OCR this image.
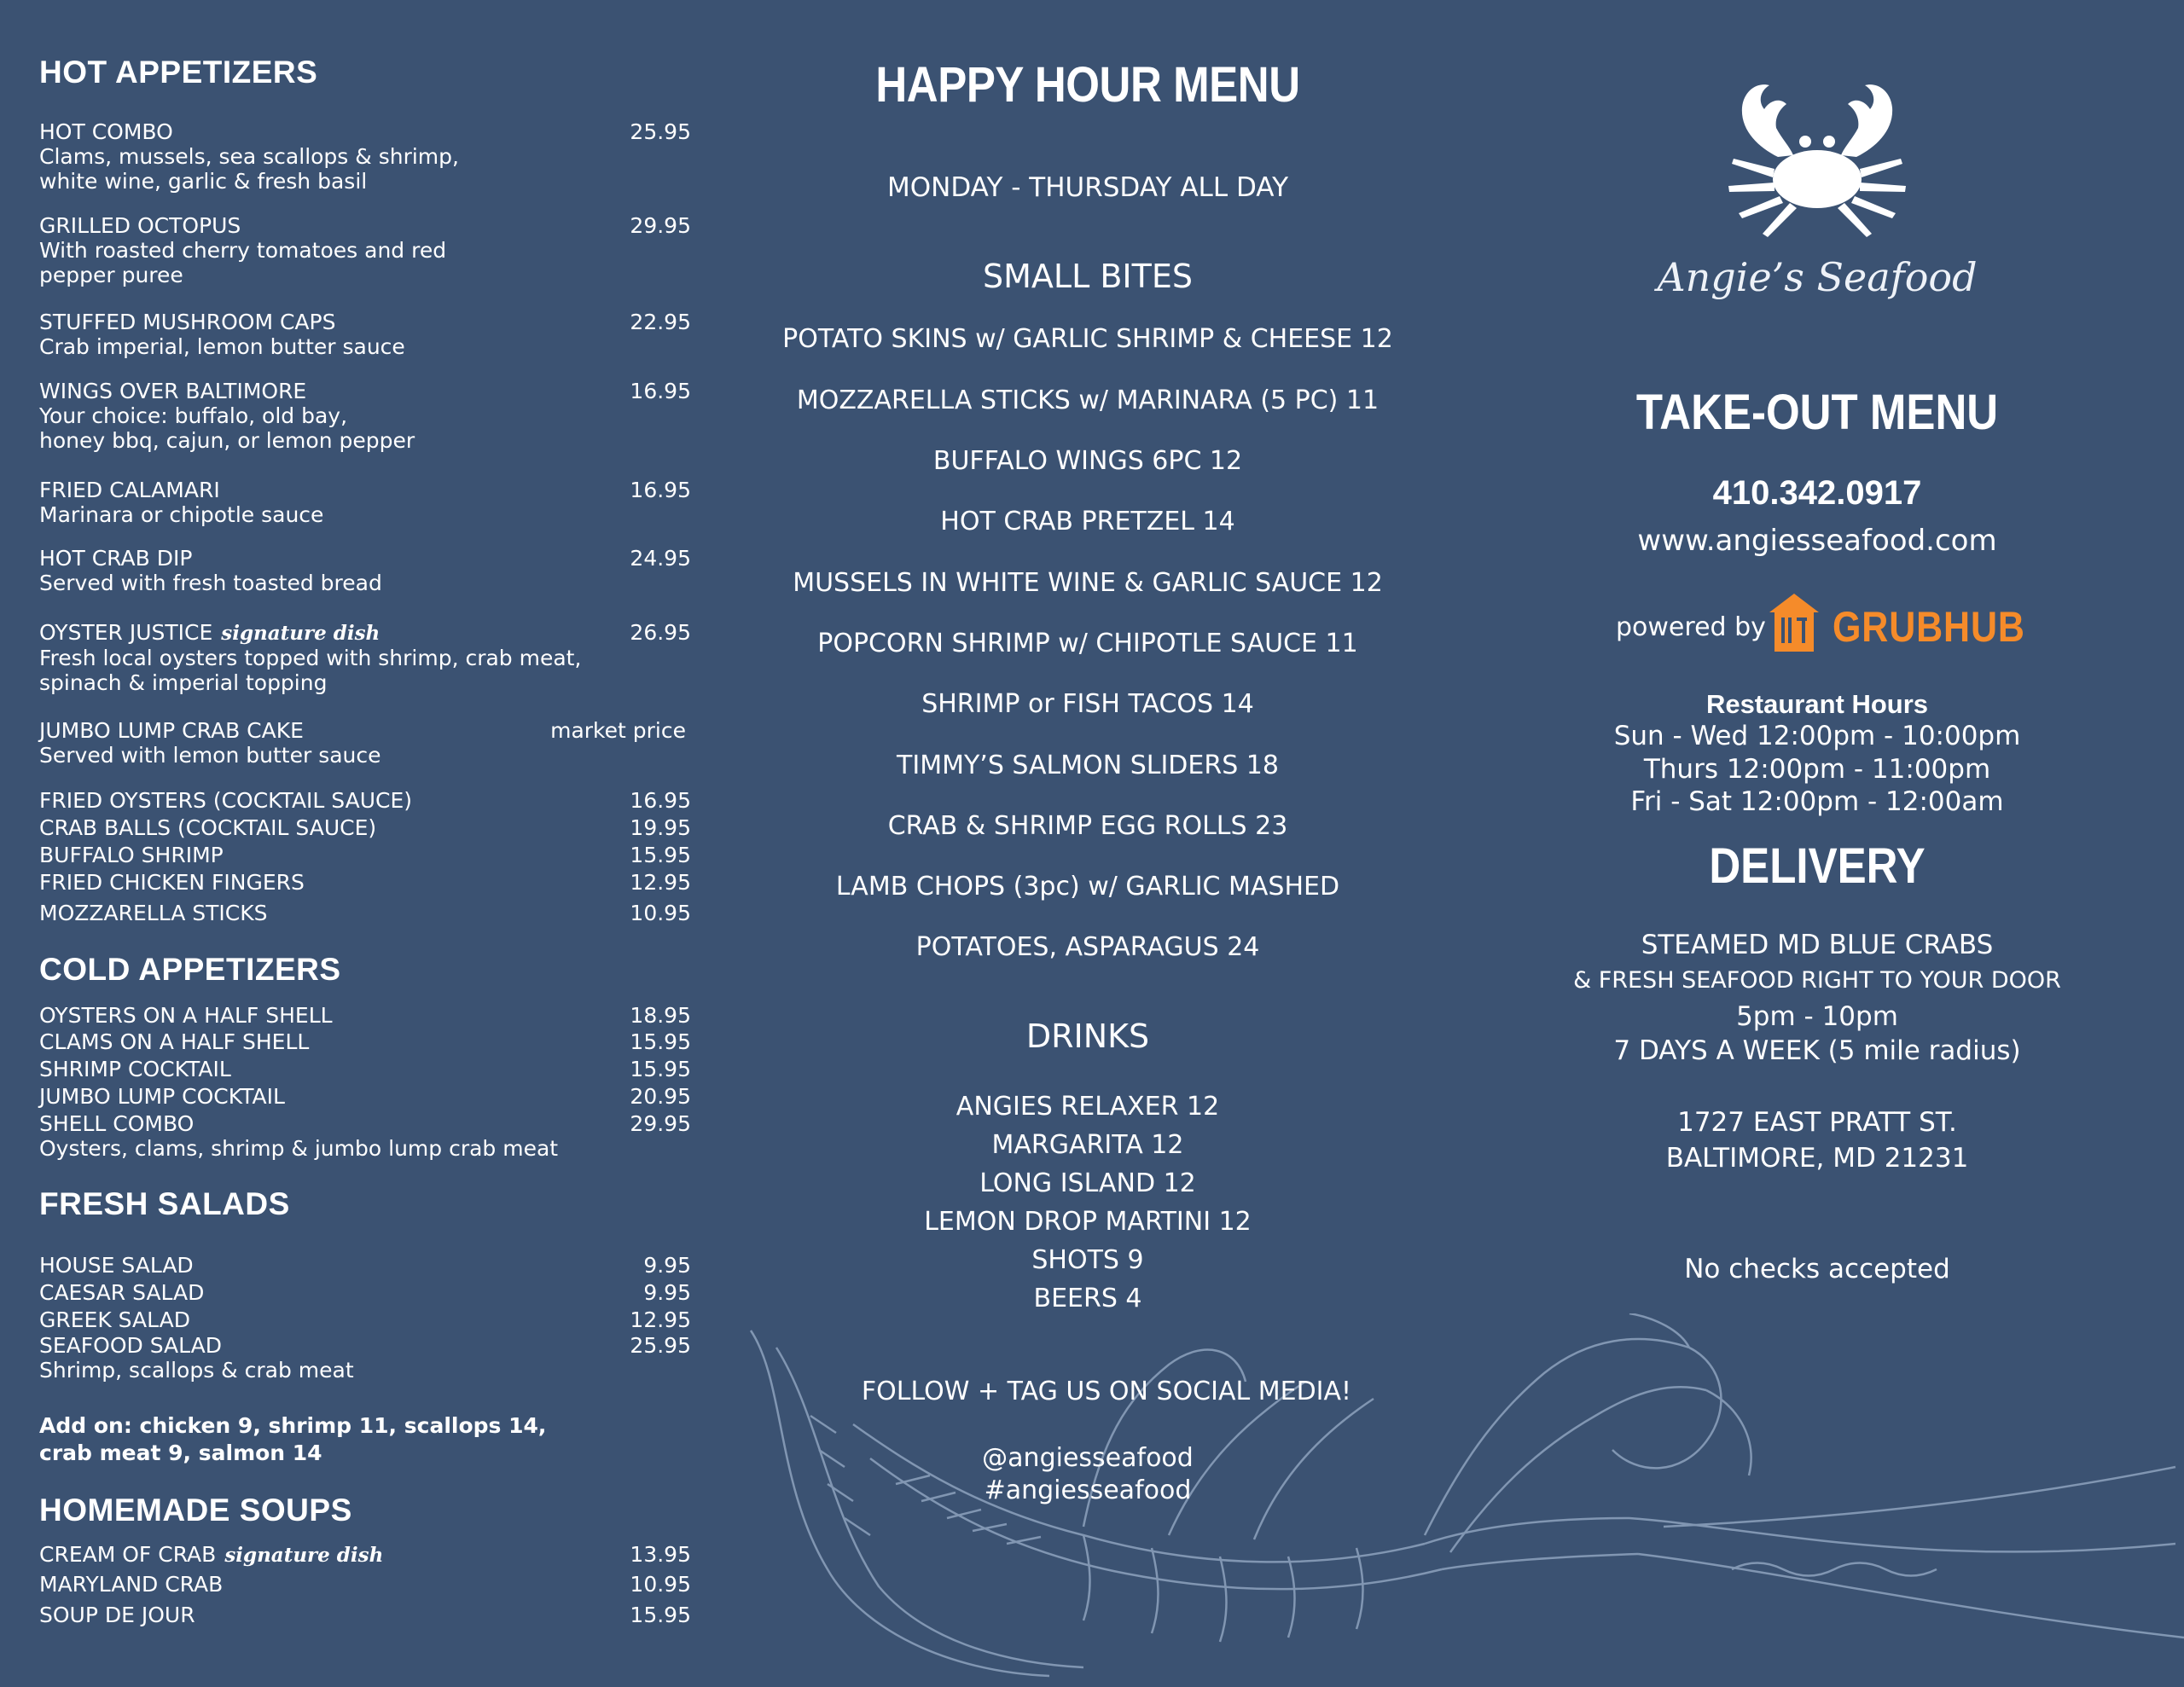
HOT APPETIZERS
HOT COMBO	25.95
Clams, mussels, sea scallops & shrimp,
white wine, garlic & fresh basil
GRILLED OCTOPUS	29.95
With roasted cherry tomatoes and red
pepper puree
STUFFED MUSHROOM CAPS	22.95
Crab imperial, lemon butter sauce
WINGS OVER BALTIMORE	16.95
Your choice: buffalo, old bay,
honey bbq, cajun, or lemon pepper
FRIED CALAMARI	16.95
Marinara or chipotle sauce
HOT CRAB DIP	24.95
Served with fresh toasted bread
OYSTER JUSTICE signature dish	26.95
Fresh local oysters topped with shrimp, crab meat,
spinach & imperial topping
JUMBO LUMP CRAB CAKE	market price
Served with lemon butter sauce
FRIED OYSTERS (COCKTAIL SAUCE)	16.95
CRAB BALLS (COCKTAIL SAUCE)	19.95
BUFFALO SHRIMP	15.95
FRIED CHICKEN FINGERS	12.95
MOZZARELLA STICKS	10.95
COLD APPETIZERS
OYSTERS ON A HALF SHELL	18.95
CLAMS ON A HALF SHELL	15.95
SHRIMP COCKTAIL	15.95
JUMBO LUMP COCKTAIL	20.95
SHELL COMBO	29.95
Oysters, clams, shrimp & jumbo lump crab meat
FRESH SALADS
HOUSE SALAD	9.95
CAESAR SALAD	9.95
GREEK SALAD	12.95
SEAFOOD SALAD	25.95
Shrimp, scallops & crab meat
Add on: chicken 9, shrimp 11, scallops 14,
crab meat 9, salmon 14
HOMEMADE SOUPS
CREAM OF CRAB signature dish	13.95
MARYLAND CRAB	10.95
SOUP DE JOUR	15.95
HAPPY HOUR MENU
MONDAY - THURSDAY ALL DAY
SMALL BITES
POTATO SKINS w/ GARLIC SHRIMP & CHEESE 12
MOZZARELLA STICKS w/ MARINARA (5 PC) 11
BUFFALO WINGS 6PC 12
HOT CRAB PRETZEL 14
MUSSELS IN WHITE WINE & GARLIC SAUCE 12
POPCORN SHRIMP w/ CHIPOTLE SAUCE 11
SHRIMP or FISH TACOS 14
TIMMY’S SALMON SLIDERS 18
CRAB & SHRIMP EGG ROLLS 23
LAMB CHOPS (3pc) w/ GARLIC MASHED
POTATOES, ASPARAGUS 24
DRINKS
ANGIES RELAXER 12
MARGARITA 12
LONG ISLAND 12
LEMON DROP MARTINI 12
SHOTS 9
BEERS 4
FOLLOW + TAG US ON SOCIAL MEDIA!
@angiesseafood
#angiesseafood
Angie’s Seafood
TAKE-OUT MENU
410.342.0917
www.angiesseafood.com
powered by GRUBHUB
Restaurant Hours
Sun - Wed 12:00pm - 10:00pm
Thurs 12:00pm - 11:00pm
Fri - Sat 12:00pm - 12:00am
DELIVERY
STEAMED MD BLUE CRABS
& FRESH SEAFOOD RIGHT TO YOUR DOOR
5pm - 10pm
7 DAYS A WEEK (5 mile radius)
1727 EAST PRATT ST.
BALTIMORE, MD 21231
No checks accepted
